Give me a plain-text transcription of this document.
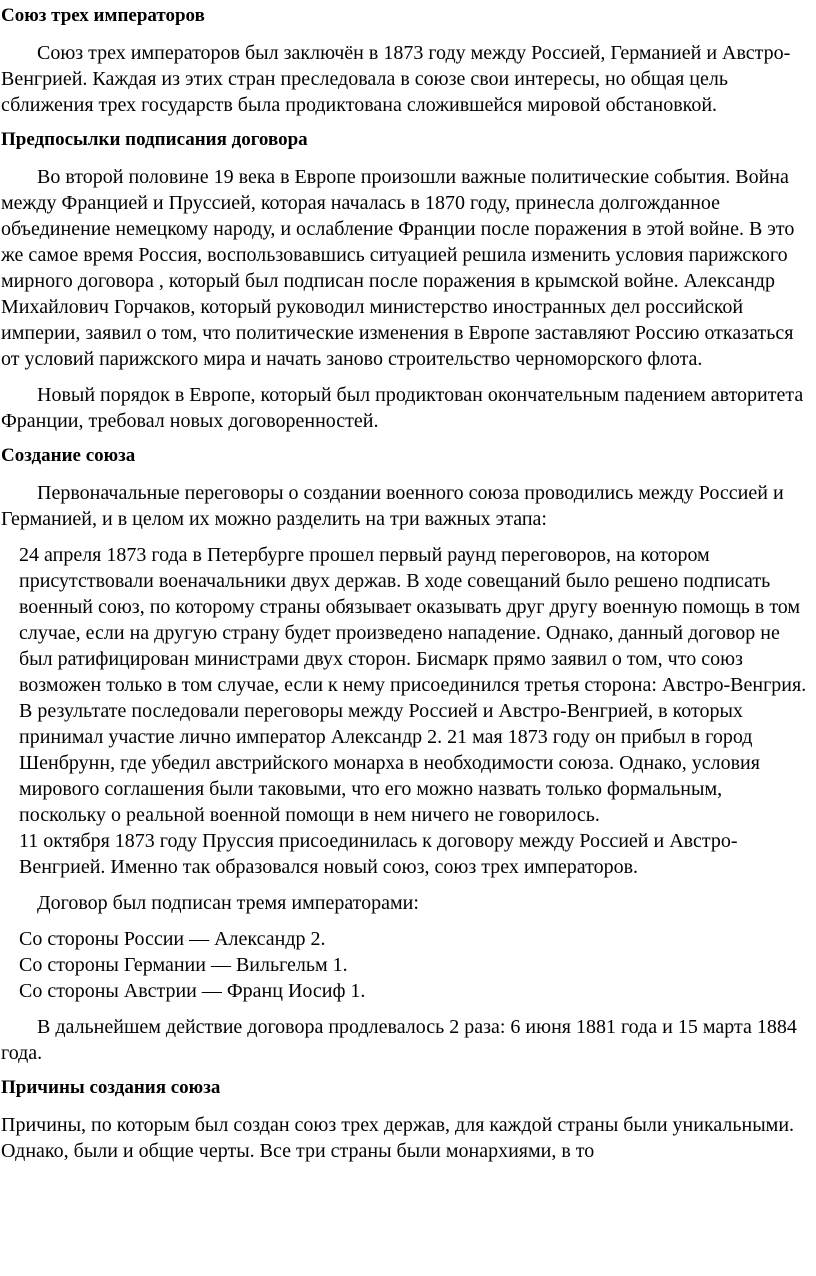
Союз трех императоров

Союз трех императоров был заключён в 1873 году между Россией, Германией и Австро-Венгрией. Каждая из этих стран преследовала в союзе свои интересы, но общая цель сближения трех государств была продиктована сложившейся мировой обстановкой.

Предпосылки подписания договора

Во второй половине 19 века в Европе произошли важные политические события. Война между Францией и Пруссией, которая началась в 1870 году, принесла долгожданное объединение немецкому народу, и ослабление Франции после поражения в этой войне. В это же самое время Россия, воспользовавшись ситуацией решила изменить условия парижского мирного договора , который был подписан после поражения в крымской войне. Александр Михайлович Горчаков, который руководил министерство иностранных дел российской империи, заявил о том, что политические изменения в Европе заставляют Россию отказаться от условий парижского мира и начать заново строительство черноморского флота.

Новый порядок в Европе, который был продиктован окончательным падением авторитета Франции, требовал новых договоренностей.

Создание союза

Первоначальные переговоры о создании военного союза проводились между Россией и Германией, и в целом их можно разделить на три важных этапа:

24 апреля 1873 года в Петербурге прошел первый раунд переговоров, на котором присутствовали военачальники двух держав. В ходе совещаний было решено подписать военный союз, по которому страны обязывает оказывать друг другу военную помощь в том случае, если на другую страну будет произведено нападение. Однако, данный договор не был ратифицирован министрами двух сторон. Бисмарк прямо заявил о том, что союз возможен только в том случае, если к нему присоединился третья сторона: Австро-Венгрия.

В результате последовали переговоры между Россией и Австро-Венгрией, в которых принимал участие лично император Александр 2. 21 мая 1873 году он прибыл в город Шенбрунн, где убедил австрийского монарха в необходимости союза. Однако, условия мирового соглашения были таковыми, что его можно назвать только формальным, поскольку о реальной военной помощи в нем ничего не говорилось.

11 октября 1873 году Пруссия присоединилась к договору между Россией и Австро-Венгрией. Именно так образовался новый союз, союз трех императоров.

Договор был подписан тремя императорами:

Со стороны России — Александр 2.

Со стороны Германии — Вильгельм 1.

Со стороны Австрии — Франц Иосиф 1.

В дальнейшем действие договора продлевалось 2 раза: 6 июня 1881 года и 15 марта 1884 года.

Причины создания союза

Причины, по которым был создан союз трех держав, для каждой страны были уникальными. Однако, были и общие черты. Все три страны были монархиями, в то
